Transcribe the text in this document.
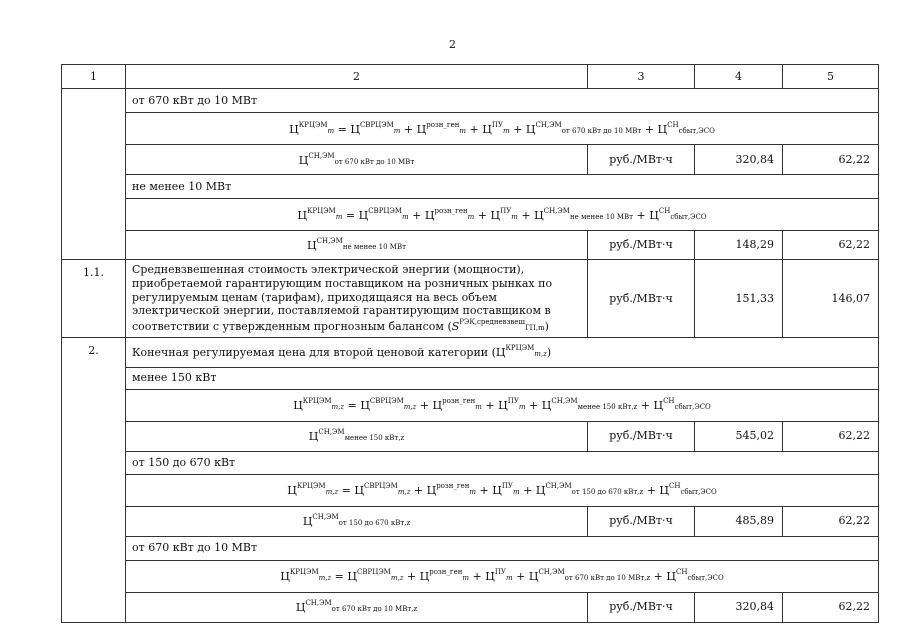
2
1	2	3	4	5
	от 670 кВт до 10 МВт			
	$Ц^{КРЦЭМ}m = Ц^{СВРЦЭМ}m + Ц^{розн\_ген}m + Ц^{ПУ}m + Ц^{СН,ЭМ}от$ 670 кВт до 10 МВт + $Ц^{СН}сбыт,ЭСО$			
	$Ц^{СН,ЭМ}от$ 670 кВт до 10 МВт	руб./МВт·ч	320,84	62,22
	не менее 10 МВт			
	$Ц^{КРЦЭМ}m = Ц^{СВРЦЭМ}m + Ц^{розн\_ген}m + Ц^{ПУ}m + Ц^{СН,ЭМ}не$ менее 10 МВт + $Ц^{СН}сбыт,ЭСО$			
	$Ц^{СН,ЭМ}не$ менее 10 МВт	руб./МВт·ч	148,29	62,22
1.1.	Средневзвешенная стоимость электрической энергии (мощности), приобретаемой гарантирующим поставщиком на розничных рынках по регулируемым ценам (тарифам), приходящаяся на весь объем электрической энергии, поставляемой гарантирующим поставщиком в соответствии с утвержденным прогнозным балансом $(S^{РЭК,средневзвеш}ГП,m)$	руб./МВт·ч	151,33	146,07
2.	Конечная регулируемая цена для второй ценовой категории $(Ц^{КРЦЭМ}m,z)$			
	менее 150 кВт			
	$Ц^{КРЦЭМ}m,z = Ц^{СВРЦЭМ}m,z + Ц^{розн\_ген}m + Ц^{ПУ}m$ + $Ц^{СН,ЭМ}менее$ 150 $кВт,z + Ц^{СН}сбыт,ЭСО$			
	$Ц^{СН,ЭМ}менее$ 150 кВт,z	руб./МВт·ч	545,02	62,22
	от 150 до 670 кВт			
	$Ц^{КРЦЭМ}m,z = Ц^{СВРЦЭМ}m,z + Ц^{розн\_ген}m + Ц^{ПУ}m + Ц^{СН,ЭМ}от$ 150 до 670 $кВт,z + Ц^{СН}сбыт,ЭСО$			
	$Ц^{СН,ЭМ}от$ 150 до 670 кВт,z	руб./МВт·ч	485,89	62,22
	от 670 кВт до 10 МВт			
	$Ц^{КРЦЭМ}m,z = Ц^{СВРЦЭМ}m,z + Ц^{розн\_ген}m + Ц^{ПУ}m + Ц^{СН,ЭМ}от$ 670 кВт до 10 $МВт,z + Ц^{СН}сбыт,ЭСО$			
	$Ц^{СН,ЭМ}от$ 670 кВт до 10 МВт,z	руб./МВт·ч	320,84	62,22
